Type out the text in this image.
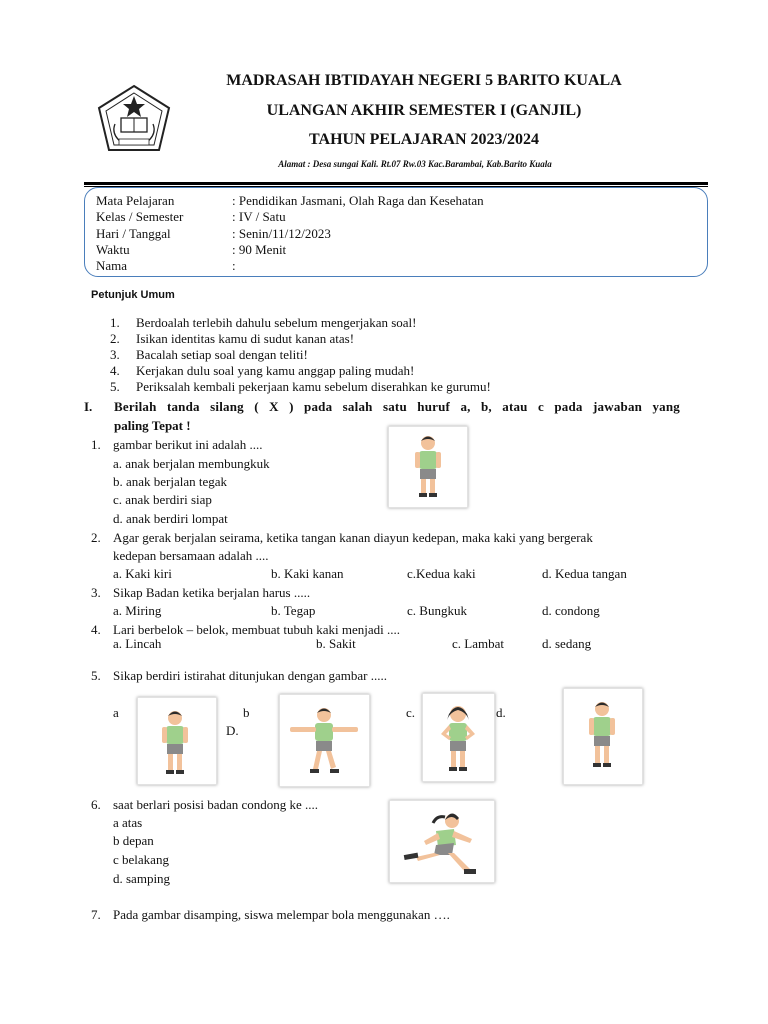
MADRASAH IBTIDAYAH NEGERI 5 BARITO KUALA
ULANGAN AKHIR SEMESTER I (GANJIL)
TAHUN PELAJARAN 2023/2024
Alamat : Desa sungai Kali. Rt.07 Rw.03 Kac.Barambai, Kab.Barito Kuala
Mata Pelajaran	: Pendidikan Jasmani, Olah Raga dan Kesehatan
Kelas / Semester	: IV / Satu
Hari / Tanggal	: Senin/11/12/2023
Waktu	: 90 Menit
Nama	:
Petunjuk Umum
1. Berdoalah terlebih dahulu sebelum mengerjakan soal!
2. Isikan identitas kamu di sudut kanan atas!
3. Bacalah setiap soal dengan teliti!
4. Kerjakan dulu soal yang kamu anggap paling mudah!
5. Periksalah kembali pekerjaan kamu sebelum diserahkan ke gurumu!
I. Berilah tanda silang ( X ) pada salah satu huruf a, b, atau c pada jawaban yang
paling Tepat !
1. gambar berikut ini adalah ....
a. anak berjalan membungkuk
b. anak berjalan tegak
c. anak berdiri siap
d. anak berdiri lompat
2. Agar gerak berjalan seirama, ketika tangan kanan diayun kedepan, maka kaki yang bergerak
kedepan bersamaan adalah ....
a. Kaki kiri	b. Kaki kanan	c.Kedua kaki	d. Kedua tangan
3. Sikap Badan ketika berjalan harus .....
a. Miring	b. Tegap	c. Bungkuk	d. condong
4. Lari berbelok – belok, membuat tubuh kaki menjadi ....
a. Lincah	b. Sakit	c. Lambat	d. sedang
5. Sikap berdiri istirahat ditunjukan dengan gambar .....
a	b
D.
c.	d.
6. saat berlari posisi badan condong ke ....
a atas
b depan
c belakang
d. samping
7. Pada gambar disamping, siswa melempar bola menggunakan ….
